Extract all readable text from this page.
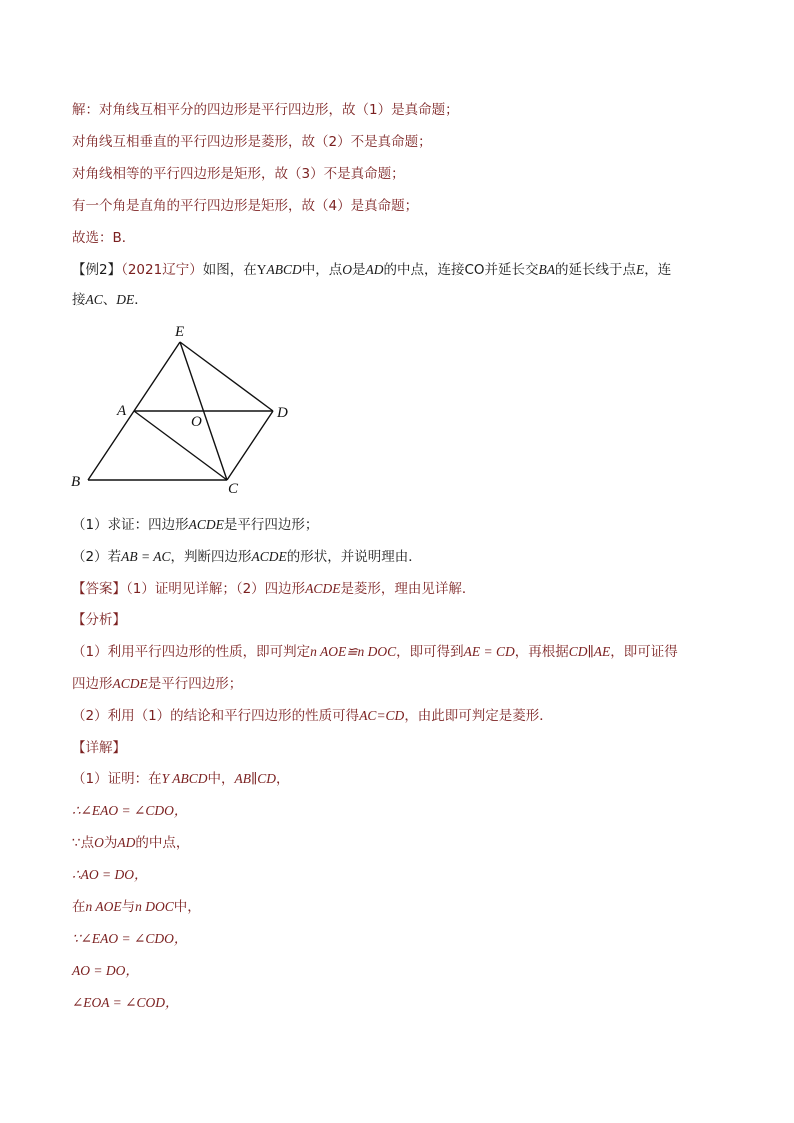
解：对角线互相平分的四边形是平行四边形，故（1）是真命题；
对角线互相垂直的平行四边形是菱形，故（2）不是真命题；
对角线相等的平行四边形是矩形，故（3）不是真命题；
有一个角是直角的平行四边形是矩形，故（4）是真命题；
故选：B．
【例2】（2021辽宁）如图，在YABCD中，点O是AD的中点，连接CO并延长交BA的延长线于点E，连
接AC、DE．
E
A
O
D
B	C
（1）求证：四边形ACDE是平行四边形；
（2）若AB = AC，判断四边形ACDE的形状，并说明理由．
【答案】（1）证明见详解；（2）四边形ACDE是菱形，理由见详解．
【分析】
（1）利用平行四边形的性质，即可判定n AOE≌n DOC，即可得到AE = CD，再根据CD∥AE，即可证得
四边形ACDE是平行四边形；
（2）利用（1）的结论和平行四边形的性质可得AC=CD，由此即可判定是菱形．
【详解】
（1）证明：在Y ABCD中，AB∥CD，
∴∠EAO = ∠CDO，
∵点O为AD的中点，
∴AO = DO，
在n AOE与n DOC中，
∵∠EAO = ∠CDO，
AO = DO，
∠EOA = ∠COD，
